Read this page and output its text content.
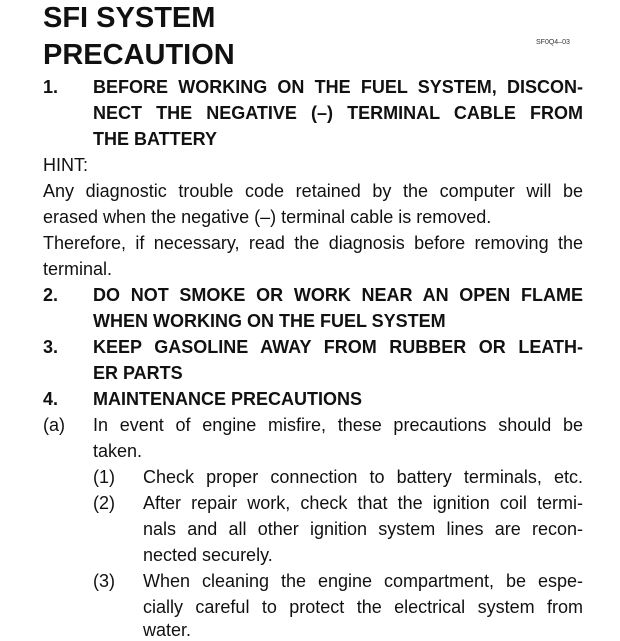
SFI SYSTEM
PRECAUTION	SF0Q4–03
1. BEFORE WORKING ON THE FUEL SYSTEM, DISCON-
NECT THE NEGATIVE (–) TERMINAL CABLE FROM
THE BATTERY
HINT:
Any diagnostic trouble code retained by the computer will be
erased when the negative (–) terminal cable is removed.
Therefore, if necessary, read the diagnosis before removing the
terminal.
2. DO NOT SMOKE OR WORK NEAR AN OPEN FLAME
WHEN WORKING ON THE FUEL SYSTEM
3. KEEP GASOLINE AWAY FROM RUBBER OR LEATH-
ER PARTS
4. MAINTENANCE PRECAUTIONS
(a) In event of engine misfire, these precautions should be
taken.
(1) Check proper connection to battery terminals, etc.
(2) After repair work, check that the ignition coil termi-
nals and all other ignition system lines are recon-
nected securely.
(3) When cleaning the engine compartment, be espe-
cially careful to protect the electrical system from
water.
